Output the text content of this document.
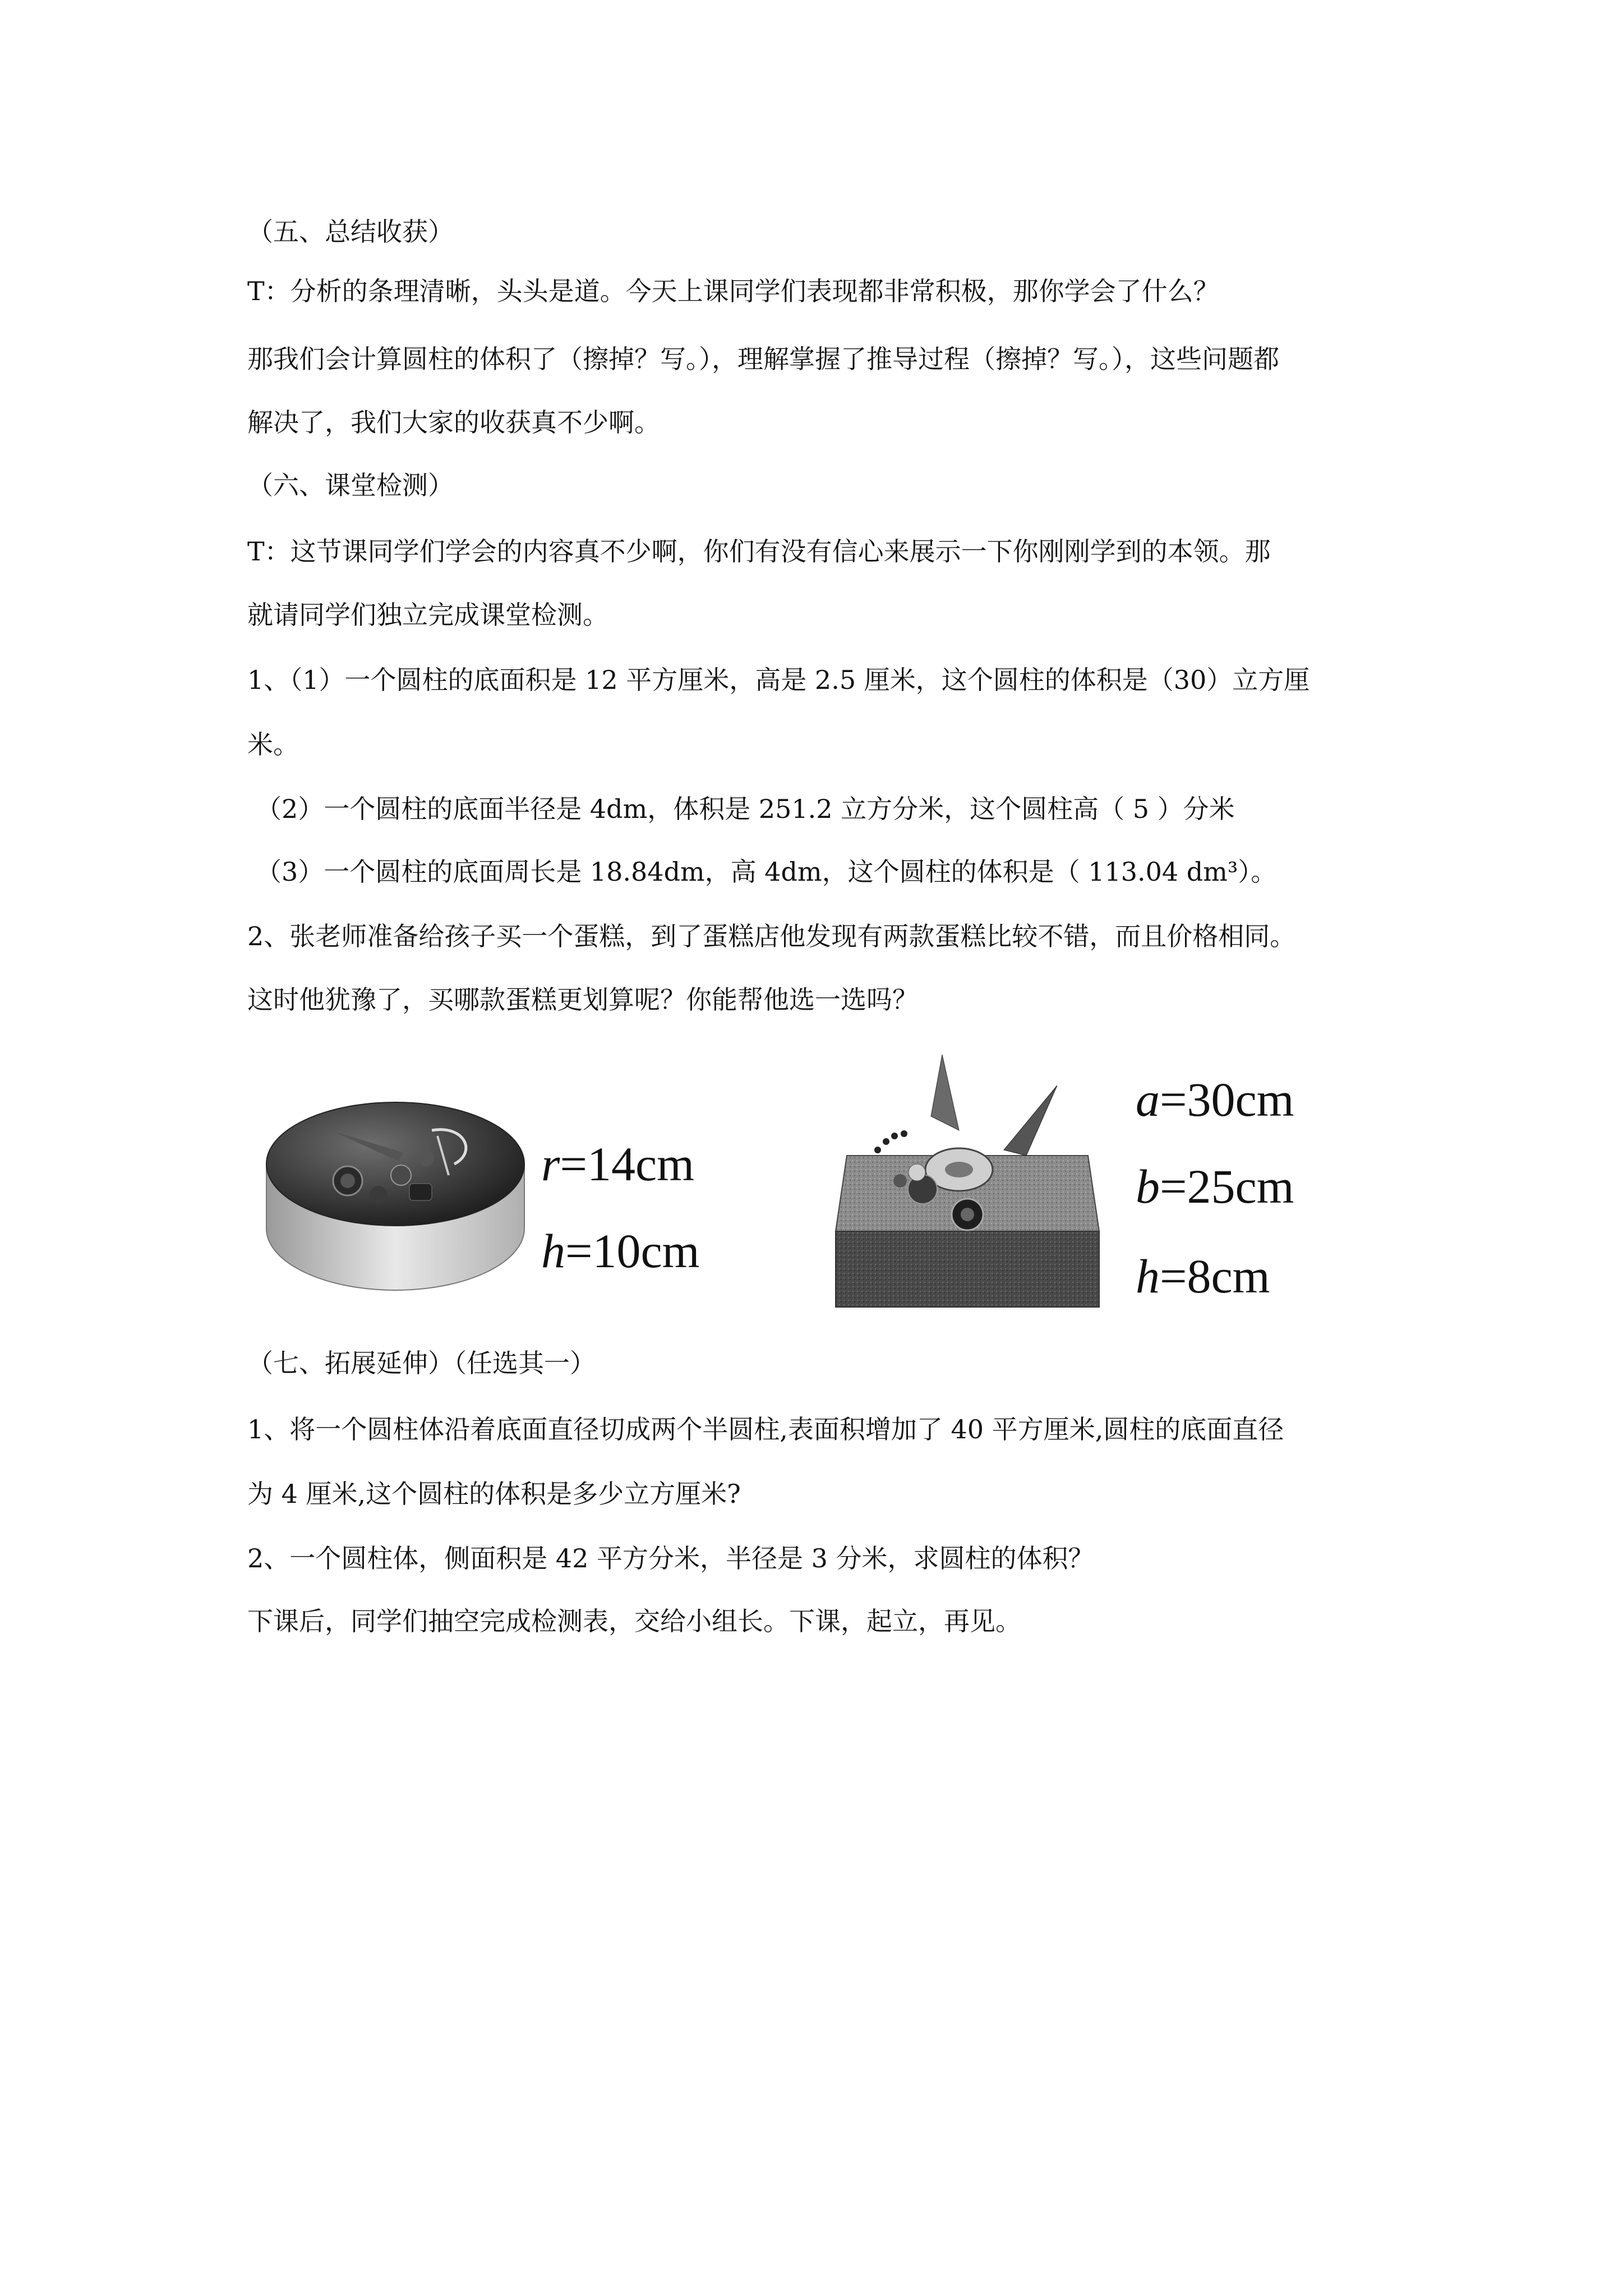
（五、总结收获）
T：分析的条理清晰，头头是道。今天上课同学们表现都非常积极，那你学会了什么？
那我们会计算圆柱的体积了（擦掉？写。），理解掌握了推导过程（擦掉？写。），这些问题都
解决了，我们大家的收获真不少啊。
（六、课堂检测）
T：这节课同学们学会的内容真不少啊，你们有没有信心来展示一下你刚刚学到的本领。那
就请同学们独立完成课堂检测。
1、（1）一个圆柱的底面积是 12 平方厘米，高是 2.5 厘米，这个圆柱的体积是（30）立方厘
米。
（2）一个圆柱的底面半径是 4dm，体积是 251.2 立方分米，这个圆柱高（ 5 ）分米
（3）一个圆柱的底面周长是 18.84dm，高 4dm，这个圆柱的体积是（ 113.04 dm³）。
2、张老师准备给孩子买一个蛋糕，到了蛋糕店他发现有两款蛋糕比较不错，而且价格相同。
这时他犹豫了，买哪款蛋糕更划算呢？你能帮他选一选吗？
r=14cm
h=10cm
a=30cm
b=25cm
h=8cm
（七、拓展延伸）（任选其一）
1、将一个圆柱体沿着底面直径切成两个半圆柱,表面积增加了 40 平方厘米,圆柱的底面直径
为 4 厘米,这个圆柱的体积是多少立方厘米?
2、一个圆柱体，侧面积是 42 平方分米，半径是 3 分米，求圆柱的体积？
下课后，同学们抽空完成检测表，交给小组长。下课，起立，再见。
